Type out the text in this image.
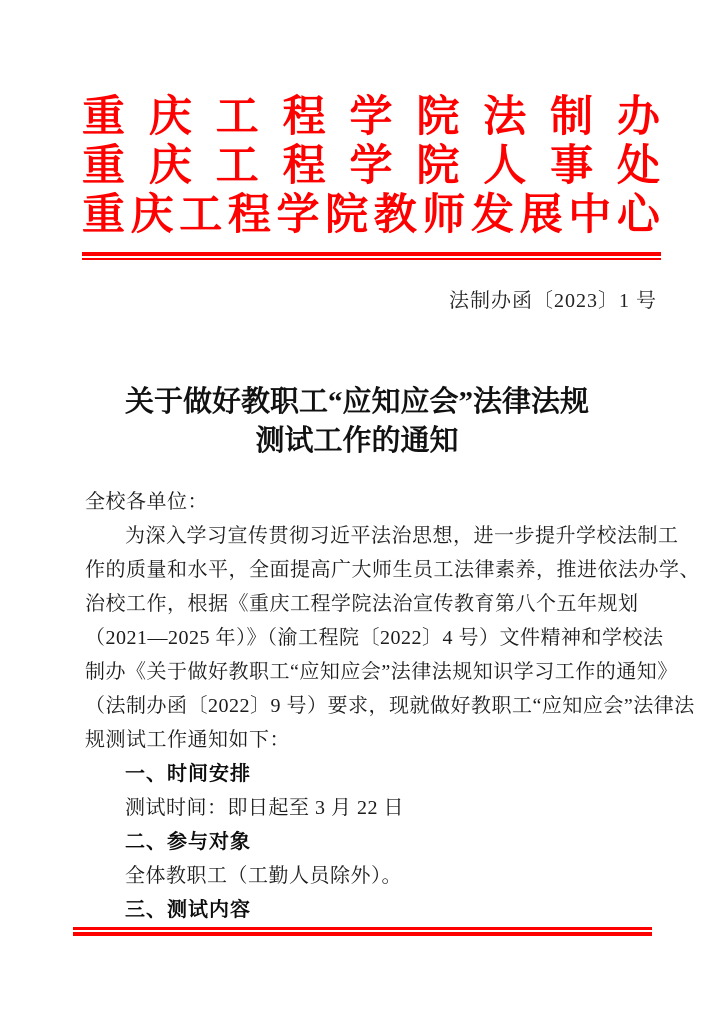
重 庆 工 程 学 院 法 制 办
重 庆 工 程 学 院 人 事 处
重 庆 工 程 学 院 教 师 发 展 中 心
法制办函〔2023〕1 号
关于做好教职工“应知应会”法律法规
测试工作的通知
全校各单位：
为深入学习宣传贯彻习近平法治思想，进一步提升学校法制工
作的质量和水平，全面提高广大师生员工法律素养，推进依法办学、
治校工作，根据《重庆工程学院法治宣传教育第八个五年规划
（2021—2025 年）》（渝工程院〔2022〕4 号）文件精神和学校法
制办《关于做好教职工“应知应会”法律法规知识学习工作的通知》
（法制办函〔2022〕9 号）要求，现就做好教职工“应知应会”法律法
规测试工作通知如下：
一、时间安排
测试时间：即日起至 3 月 22 日
二、参与对象
全体教职工（工勤人员除外）。
三、测试内容
